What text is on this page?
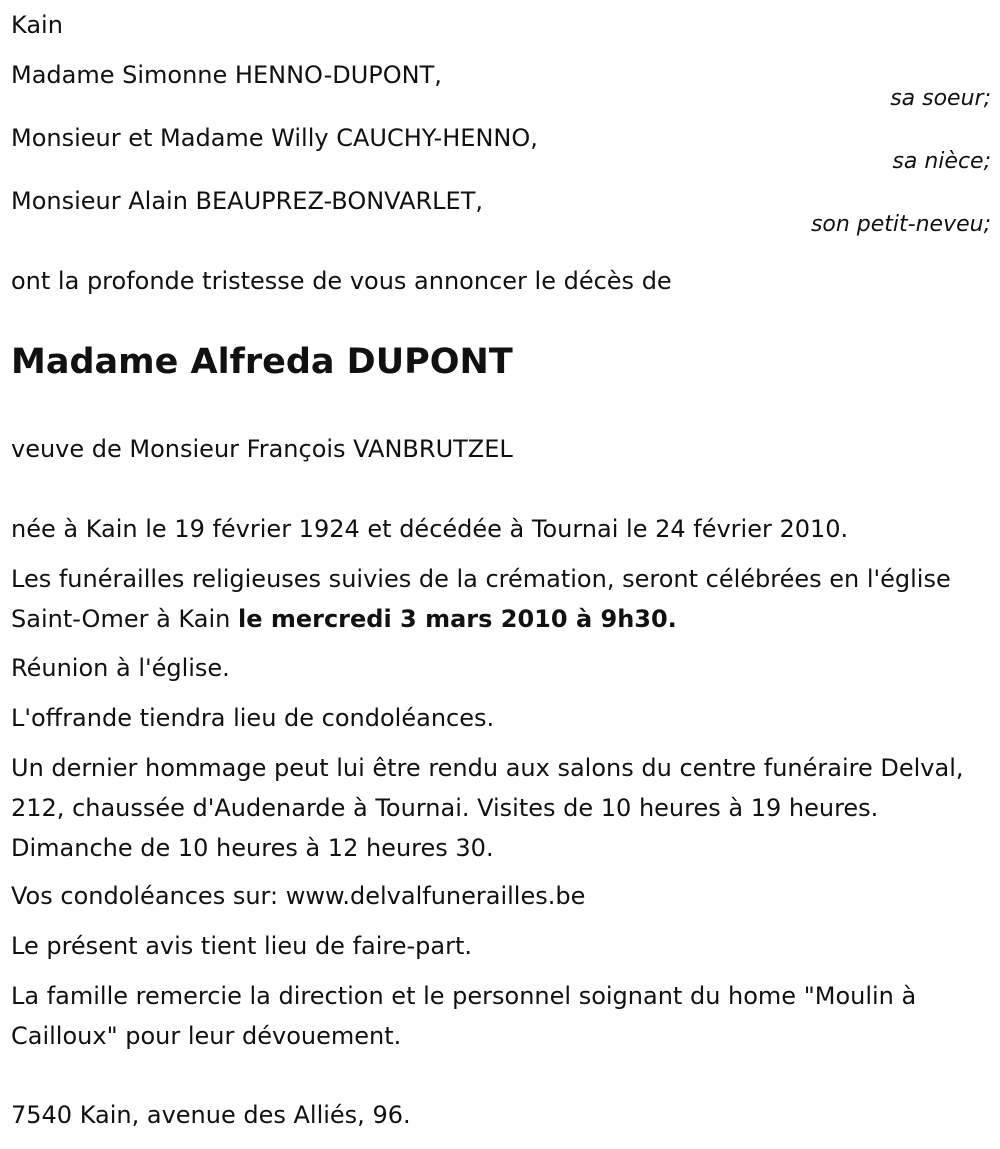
Kain
Madame Simonne HENNO-DUPONT,
sa soeur;
Monsieur et Madame Willy CAUCHY-HENNO,
sa nièce;
Monsieur Alain BEAUPREZ-BONVARLET,
son petit-neveu;
ont la profonde tristesse de vous annoncer le décès de
Madame Alfreda DUPONT
veuve de Monsieur François VANBRUTZEL
née à Kain le 19 février 1924 et décédée à Tournai le 24 février 2010.
Les funérailles religieuses suivies de la crémation, seront célébrées en l'église Saint-Omer à Kain le mercredi 3 mars 2010 à 9h30.
Réunion à l'église.
L'offrande tiendra lieu de condoléances.
Un dernier hommage peut lui être rendu aux salons du centre funéraire Delval, 212, chaussée d'Audenarde à Tournai. Visites de 10 heures à 19 heures. Dimanche de 10 heures à 12 heures 30.
Vos condoléances sur: www.delvalfunerailles.be
Le présent avis tient lieu de faire-part.
La famille remercie la direction et le personnel soignant du home "Moulin à Cailloux" pour leur dévouement.
7540 Kain, avenue des Alliés, 96.
